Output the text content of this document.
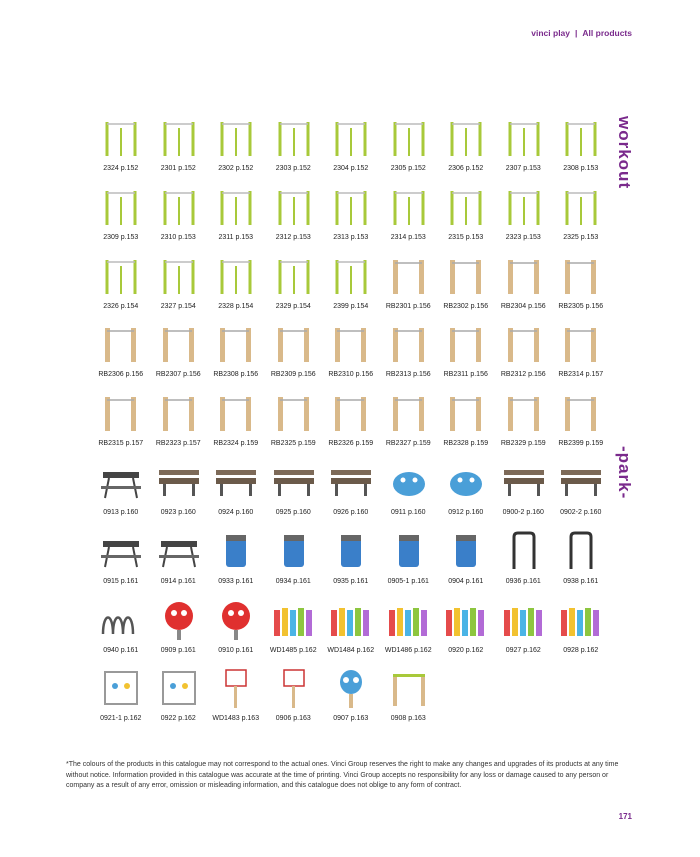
vinci play | All products
workout
-park-
2324 p.152	2301 p.152	2302 p.152	2303 p.152	2304 p.152	2305 p.152	2306 p.152	2307 p.153	2308 p.153
2309 p.153	2310 p.153	2311 p.153	2312 p.153	2313 p.153	2314 p.153	2315 p.153	2323 p.153	2325 p.153
2326 p.154	2327 p.154	2328 p.154	2329 p.154	2399 p.154	RB2301 p.156	RB2302 p.156	RB2304 p.156	RB2305 p.156
RB2306 p.156	RB2307 p.156	RB2308 p.156	RB2309 p.156	RB2310 p.156	RB2313 p.156	RB2311 p.156	RB2312 p.156	RB2314 p.157
RB2315 p.157	RB2323 p.157	RB2324 p.159	RB2325 p.159	RB2326 p.159	RB2327 p.159	RB2328 p.159	RB2329 p.159	RB2399 p.159
0913 p.160	0923 p.160	0924 p.160	0925 p.160	0926 p.160	0911 p.160	0912 p.160	0900-2 p.160	0902-2 p.160
0915 p.161	0914 p.161	0933 p.161	0934 p.161	0935 p.161	0905-1 p.161	0904 p.161	0936 p.161	0938 p.161
0940 p.161	0909 p.161	0910 p.161	WD1485 p.162	WD1484 p.162	WD1486 p.162	0920 p.162	0927 p.162	0928 p.162
0921-1 p.162	0922 p.162	WD1483 p.163	0906 p.163	0907 p.163	0908 p.163
*The colours of the products in this catalogue may not correspond to the actual ones. Vinci Group reserves the right to make any changes and upgrades of its products at any time without notice. Information provided in this catalogue was accurate at the time of printing. Vinci Group accepts no responsibility for any loss or damage caused to any person or company as a result of any error, omission or misleading information, and this catalogue does not oblige to any form of contract.
171
